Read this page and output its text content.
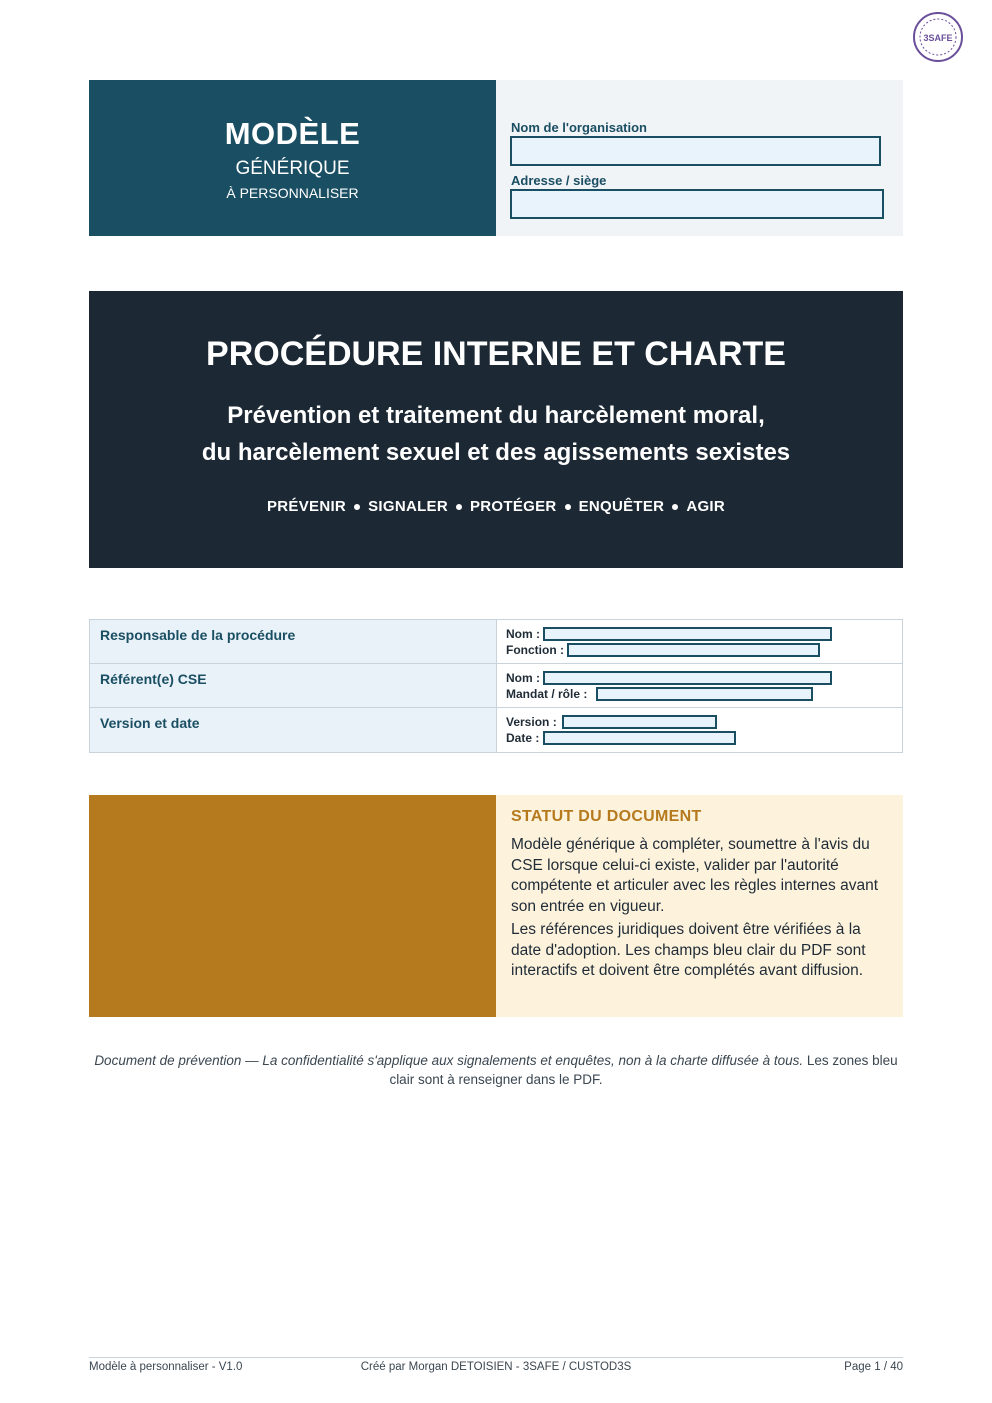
3SAFE
MODÈLE
GÉNÉRIQUE
À PERSONNALISER
Nom de l'organisation
Adresse / siège
PROCÉDURE INTERNE ET CHARTE
Prévention et traitement du harcèlement moral,
du harcèlement sexuel et des agissements sexistes
PRÉVENIR SIGNALER PROTÉGER ENQUÊTER AGIR
Responsable de la procédure	Nom :
Fonction :
Référent(e) CSE	Nom :
Mandat / rôle :
Version et date	Version :
Date :
STATUT DU DOCUMENT
Modèle générique à compléter, soumettre à l'avis du CSE lorsque celui-ci existe, valider par l'autorité compétente et articuler avec les règles internes avant son entrée en vigueur.
Les références juridiques doivent être vérifiées à la date d'adoption. Les champs bleu clair du PDF sont interactifs et doivent être complétés avant diffusion.
Document de prévention — La confidentialité s'applique aux signalements et enquêtes, non à la charte diffusée à tous. Les zones bleu clair sont à renseigner dans le PDF.
Modèle à personnaliser - V1.0	Créé par Morgan DETOISIEN - 3SAFE / CUSTOD3S	Page 1 / 40
